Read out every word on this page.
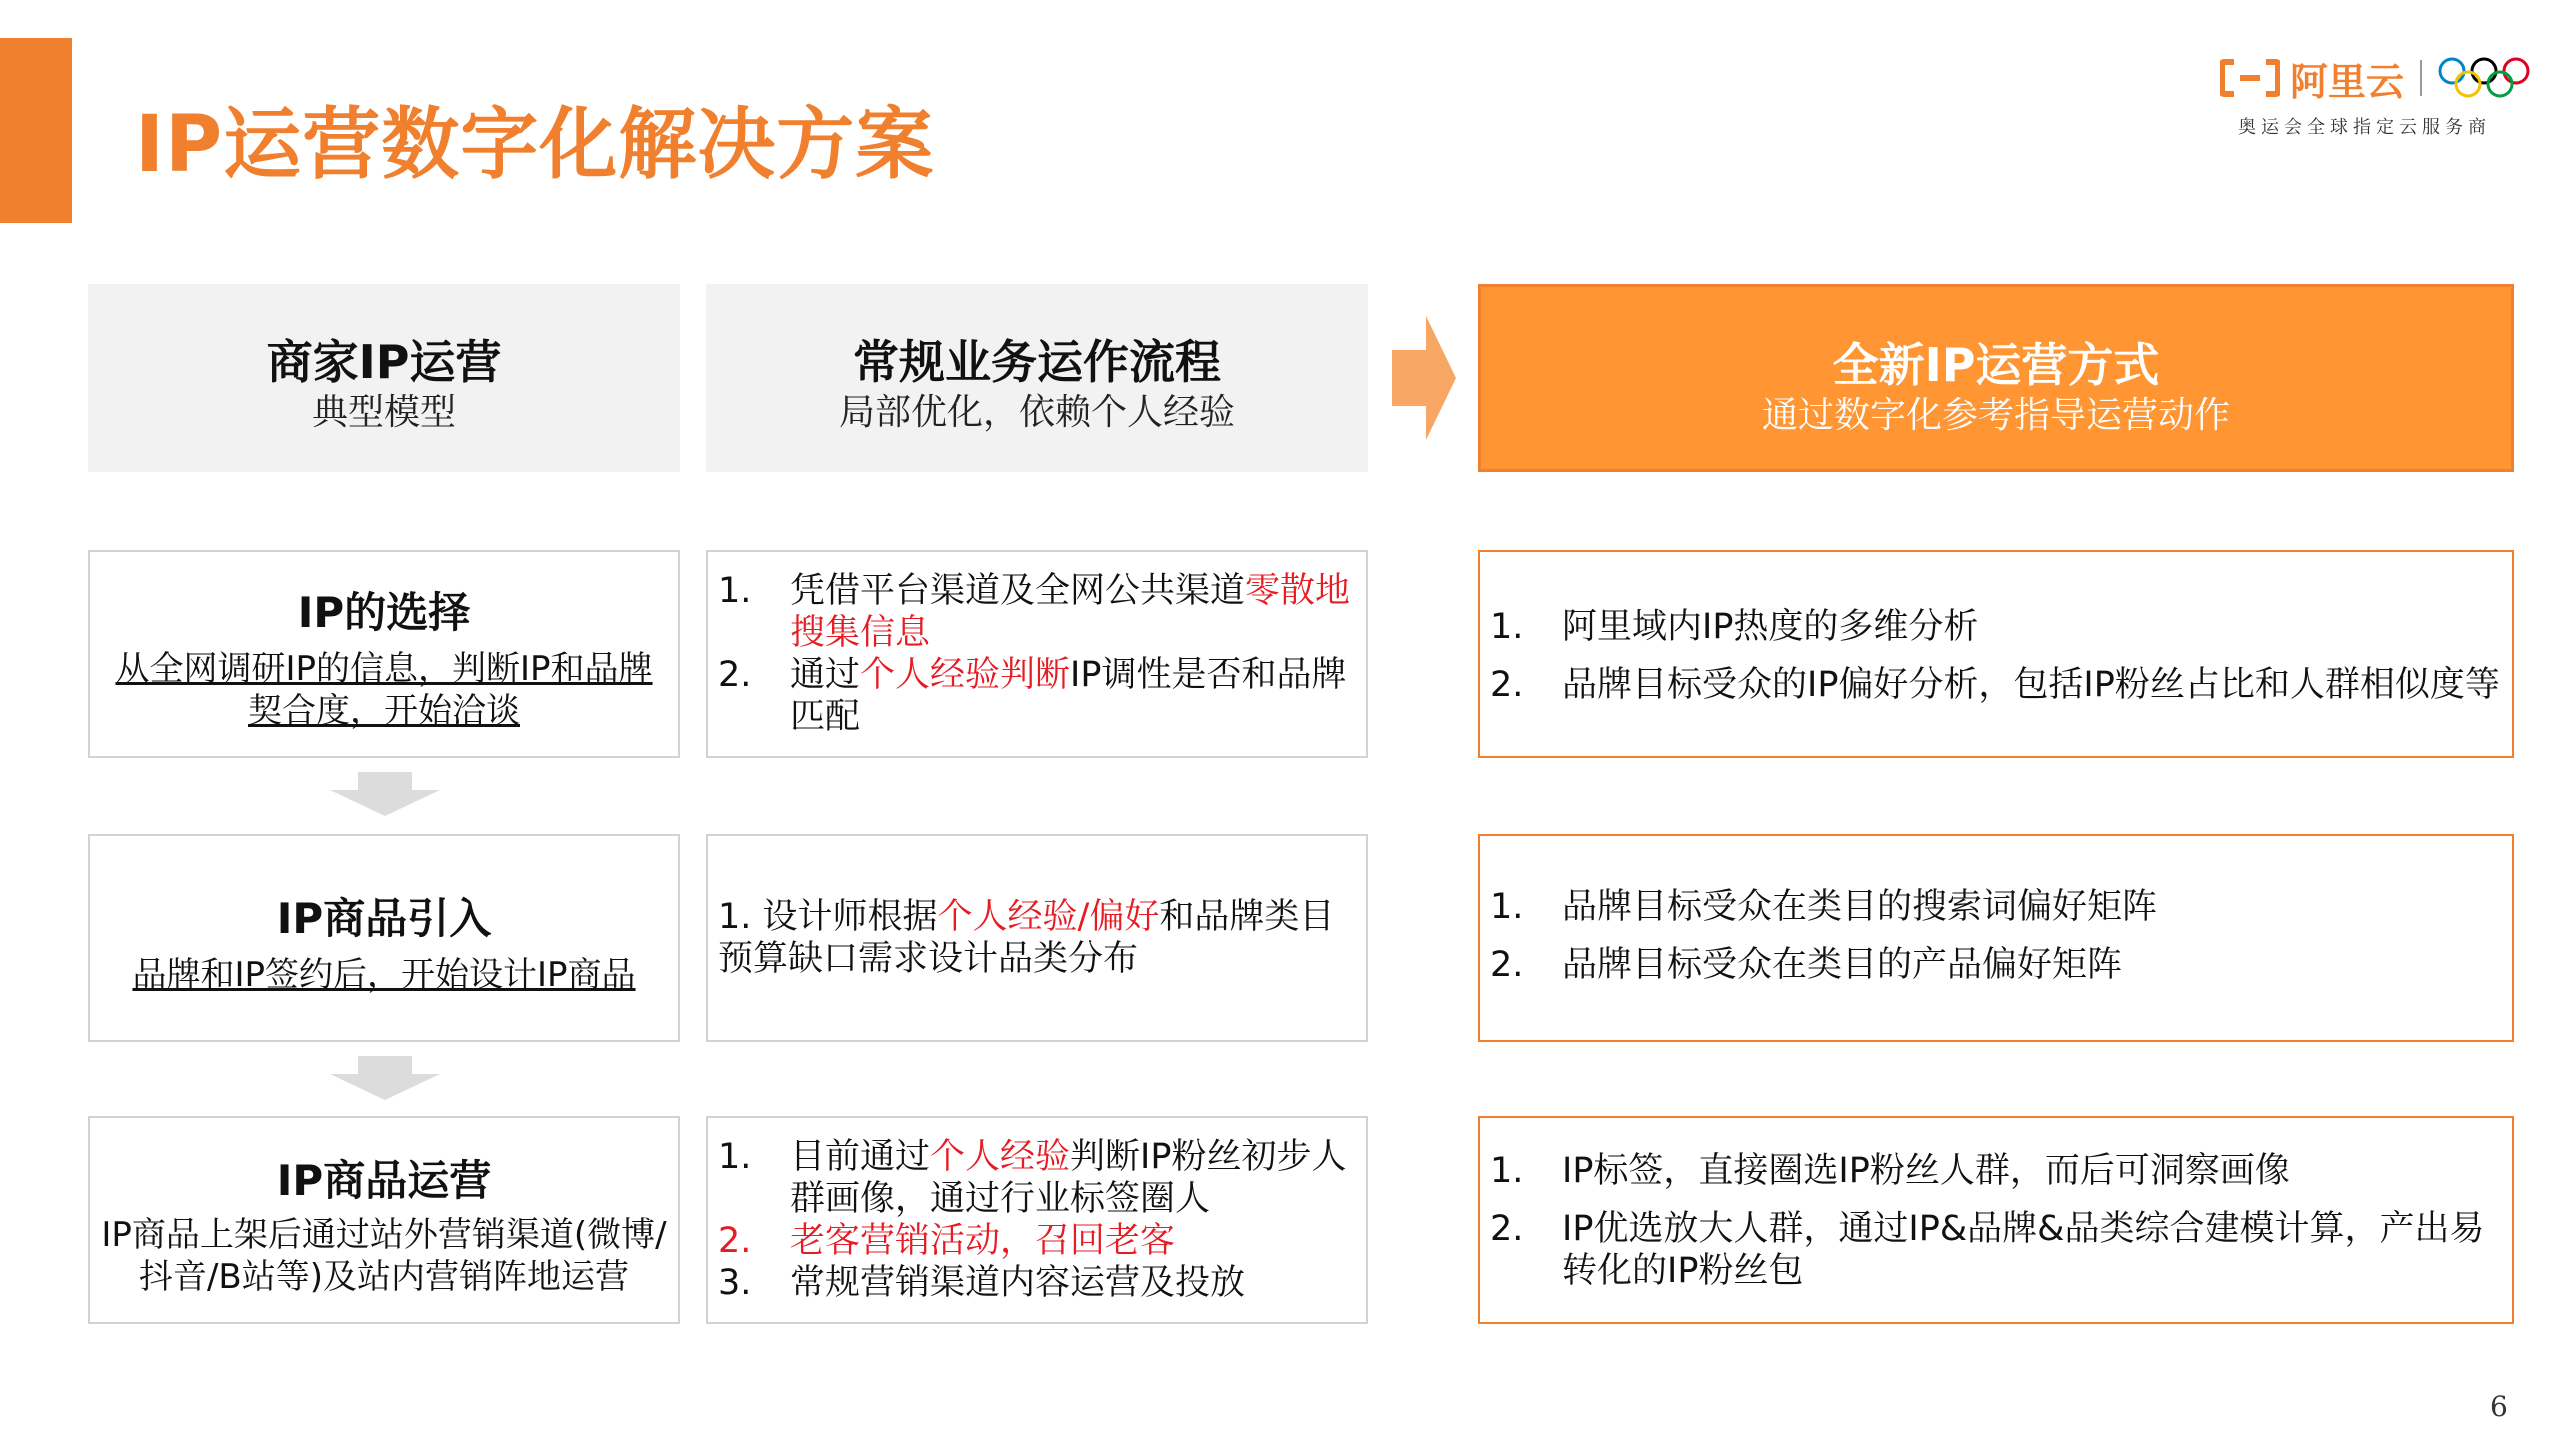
IP运营数字化解决方案
阿里云
奥运会全球指定云服务商
商家IP运营
典型模型
常规业务运作流程
局部优化，依赖个人经验
全新IP运营方式
通过数字化参考指导运营动作
IP的选择
从全网调研IP的信息，判断IP和品牌契合度，开始洽谈
1. 凭借平台渠道及全网公共渠道零散地搜集信息
2. 通过个人经验判断IP调性是否和品牌匹配
1. 阿里域内IP热度的多维分析
2. 品牌目标受众的IP偏好分析，包括IP粉丝占比和人群相似度等
IP商品引入
品牌和IP签约后，开始设计IP商品
1. 设计师根据个人经验/偏好和品牌类目预算缺口需求设计品类分布
1. 品牌目标受众在类目的搜索词偏好矩阵
2. 品牌目标受众在类目的产品偏好矩阵
IP商品运营
IP商品上架后通过站外营销渠道(微博/抖音/B站等)及站内营销阵地运营
1. 目前通过个人经验判断IP粉丝初步人群画像，通过行业标签圈人
2. 老客营销活动，召回老客
3. 常规营销渠道内容运营及投放
1. IP标签，直接圈选IP粉丝人群，而后可洞察画像
2. IP优选放大人群，通过IP&品牌&品类综合建模计算，产出易转化的IP粉丝包
6
